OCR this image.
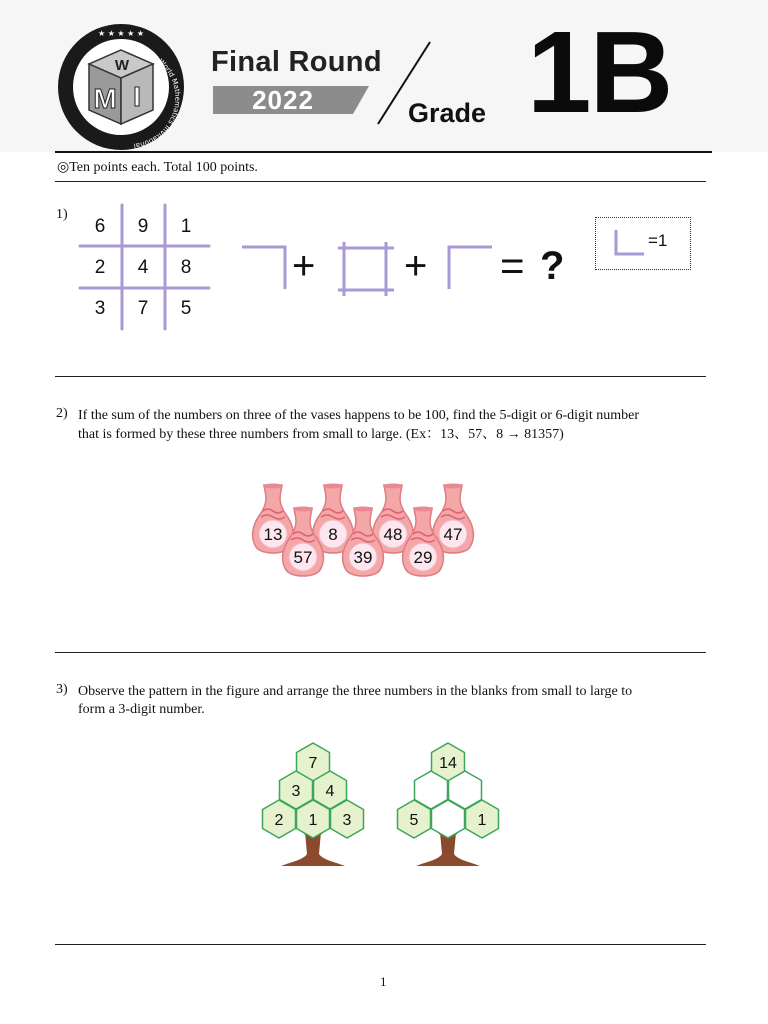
★ ★ ★ ★ ★
W
M I
World Mathematics Invitational
Final Round
2022	Grade 1B
◎Ten points each. Total 100 points.
1)
6	9	1
2	4	8
3	7	5
+ + = ?
=1
2) If the sum of the numbers on three of the vases happens to be 100, find the 5-digit or 6-digit number
that is formed by these three numbers from small to large. (Ex：13、57、8 → 81357)
13	8	48 47
57 39 29
3) Observe the pattern in the figure and arrange the three numbers in the blanks from small to large to
form a 3-digit number.
7
3 4
2 1 3
14
5	1
1
